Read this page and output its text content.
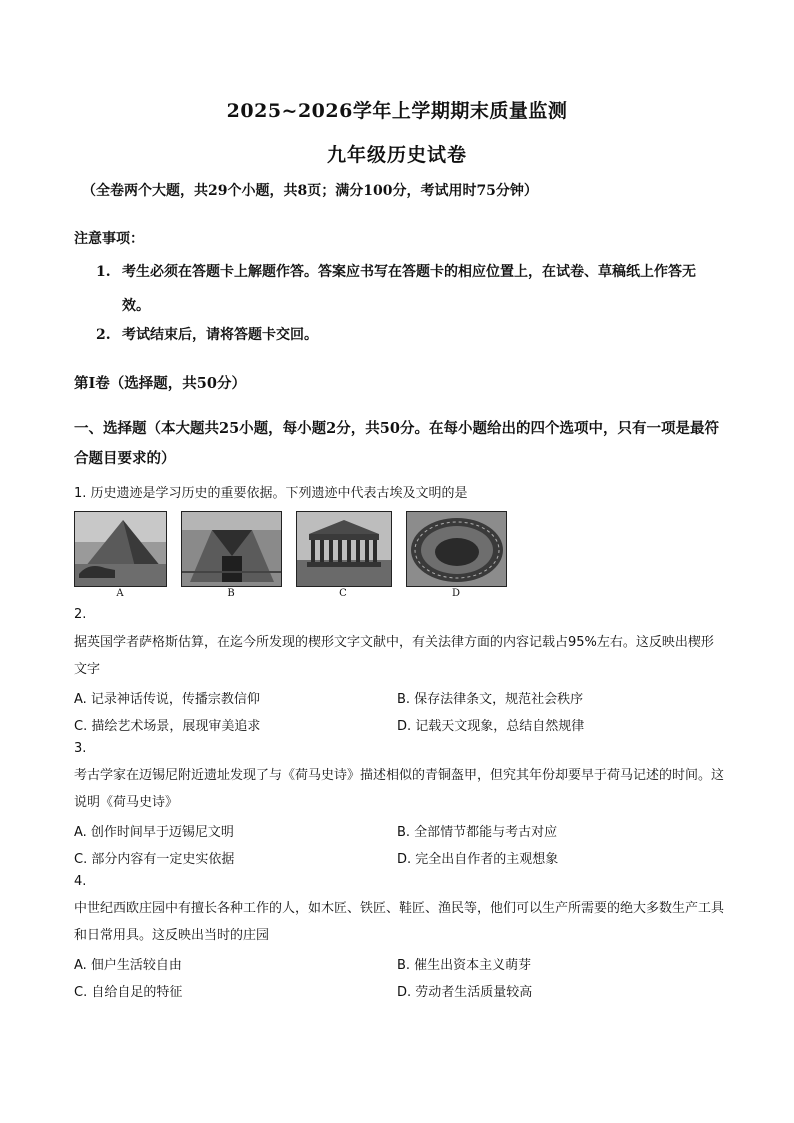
2025~2026学年上学期期末质量监测
九年级历史试卷
（全卷两个大题，共29个小题，共8页；满分100分，考试用时75分钟）
注意事项：
1. 考生必须在答题卡上解题作答。答案应书写在答题卡的相应位置上，在试卷、草稿纸上作答无效。
2. 考试结束后，请将答题卡交回。
第Ⅰ卷（选择题，共50分）
一、选择题（本大题共25小题，每小题2分，共50分。在每小题给出的四个选项中，只有一项是最符合题目要求的）
1. 历史遗迹是学习历史的重要依据。下列遗迹中代表古埃及文明的是
A	B	C	D
2.
据英国学者萨格斯估算，在迄今所发现的楔形文字文献中，有关法律方面的内容记载占95%左右。这反映出楔形文字
A. 记录神话传说，传播宗教信仰	B. 保存法律条文，规范社会秩序
C. 描绘艺术场景，展现审美追求	D. 记载天文现象，总结自然规律
3.
考古学家在迈锡尼附近遗址发现了与《荷马史诗》描述相似的青铜盔甲，但究其年份却要早于荷马记述的时间。这说明《荷马史诗》
A. 创作时间早于迈锡尼文明	B. 全部情节都能与考古对应
C. 部分内容有一定史实依据	D. 完全出自作者的主观想象
4.
中世纪西欧庄园中有擅长各种工作的人，如木匠、铁匠、鞋匠、渔民等，他们可以生产所需要的绝大多数生产工具和日常用具。这反映出当时的庄园
A. 佃户生活较自由	B. 催生出资本主义萌芽
C. 自给自足的特征	D. 劳动者生活质量较高
